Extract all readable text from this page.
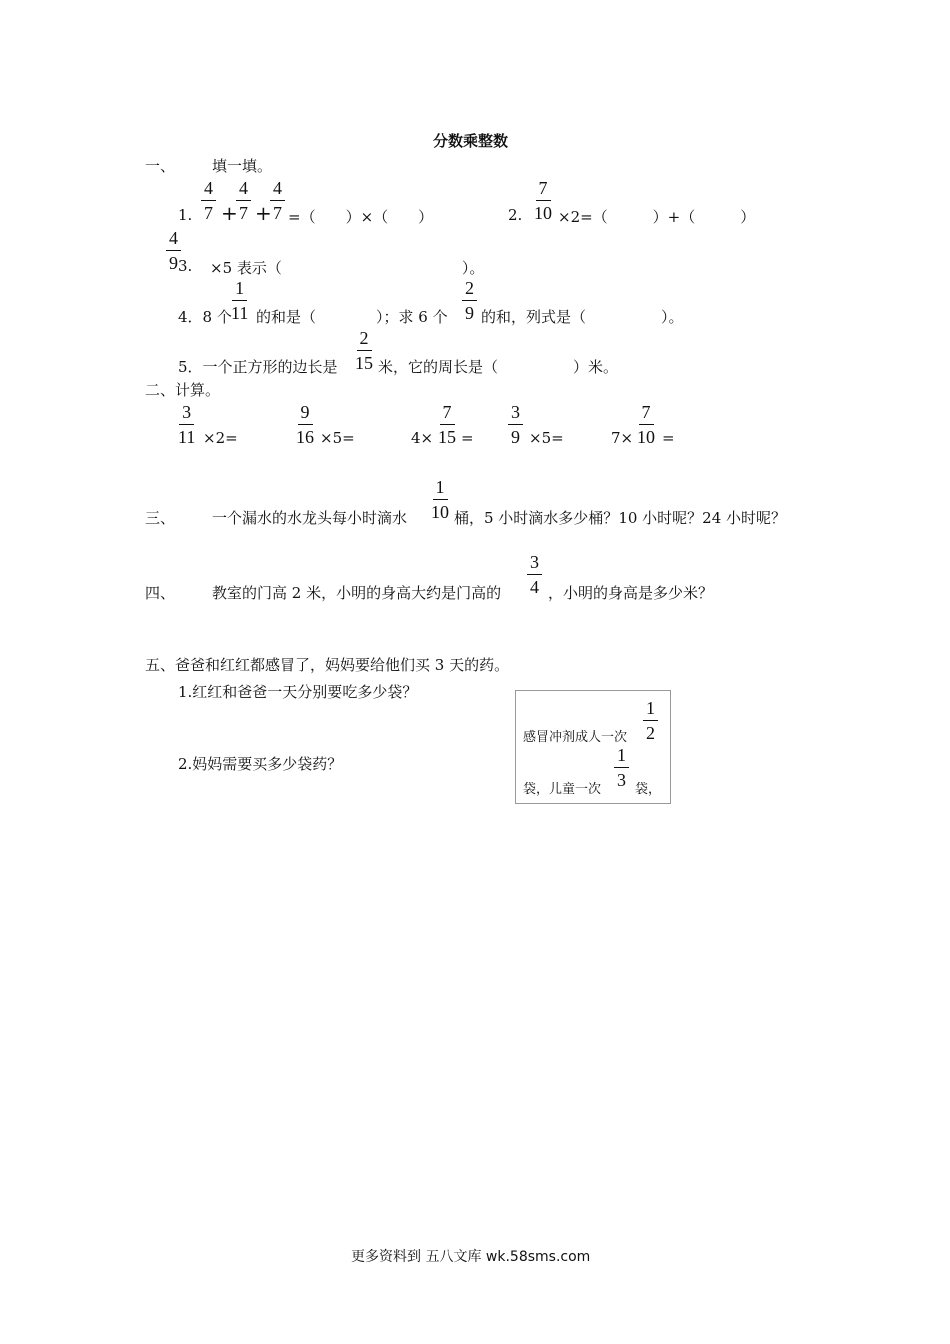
分数乘整数
一、 填一填。
1. $\frac{4}{7}$ +
$\frac{4}{7}$ +
$\frac{4}{7}$ =（　　）×（　　）	2. $\frac{7}{10} \times 2=$（　　　）+（　　　）
3.
$\frac{4}{9} \times 5$ 表示（　　　　　　　　　　　　）。
4．8 个
$\frac{1}{11}$ 的和是（　　　　）；求 6 个 $\frac{2}{9}$ 的和，列式是（　　　　　）。
5．一个正方形的边长是 $\frac{2}{15}$ 米，它的周长是（　　　　　）米。
二、计算。
$\frac{3}{11} \times 2=$	$\frac{9}{16} \times 5=$	$4\times \frac{7}{15} = \frac{3}{9} \times 5=$	$7\times \frac{7}{10}$ =
三、 一个漏水的水龙头每小时滴水 $\frac{1}{10}$ 桶，5 小时滴水多少桶？10 小时呢？24 小时呢？
四、 教室的门高 2 米，小明的身高大约是门高的 $\frac{3}{4}$ ，小明的身高是多少米？
五、爸爸和红红都感冒了，妈妈要给他们买 3 天的药。
1.红红和爸爸一天分别要吃多少袋？
2.妈妈需要买多少袋药？
感冒冲剂成人一次 $\frac{1}{2}$
袋，儿童一次 $\frac{1}{3}$ 袋，
更多资料到 五八文库 wk.58sms.com
